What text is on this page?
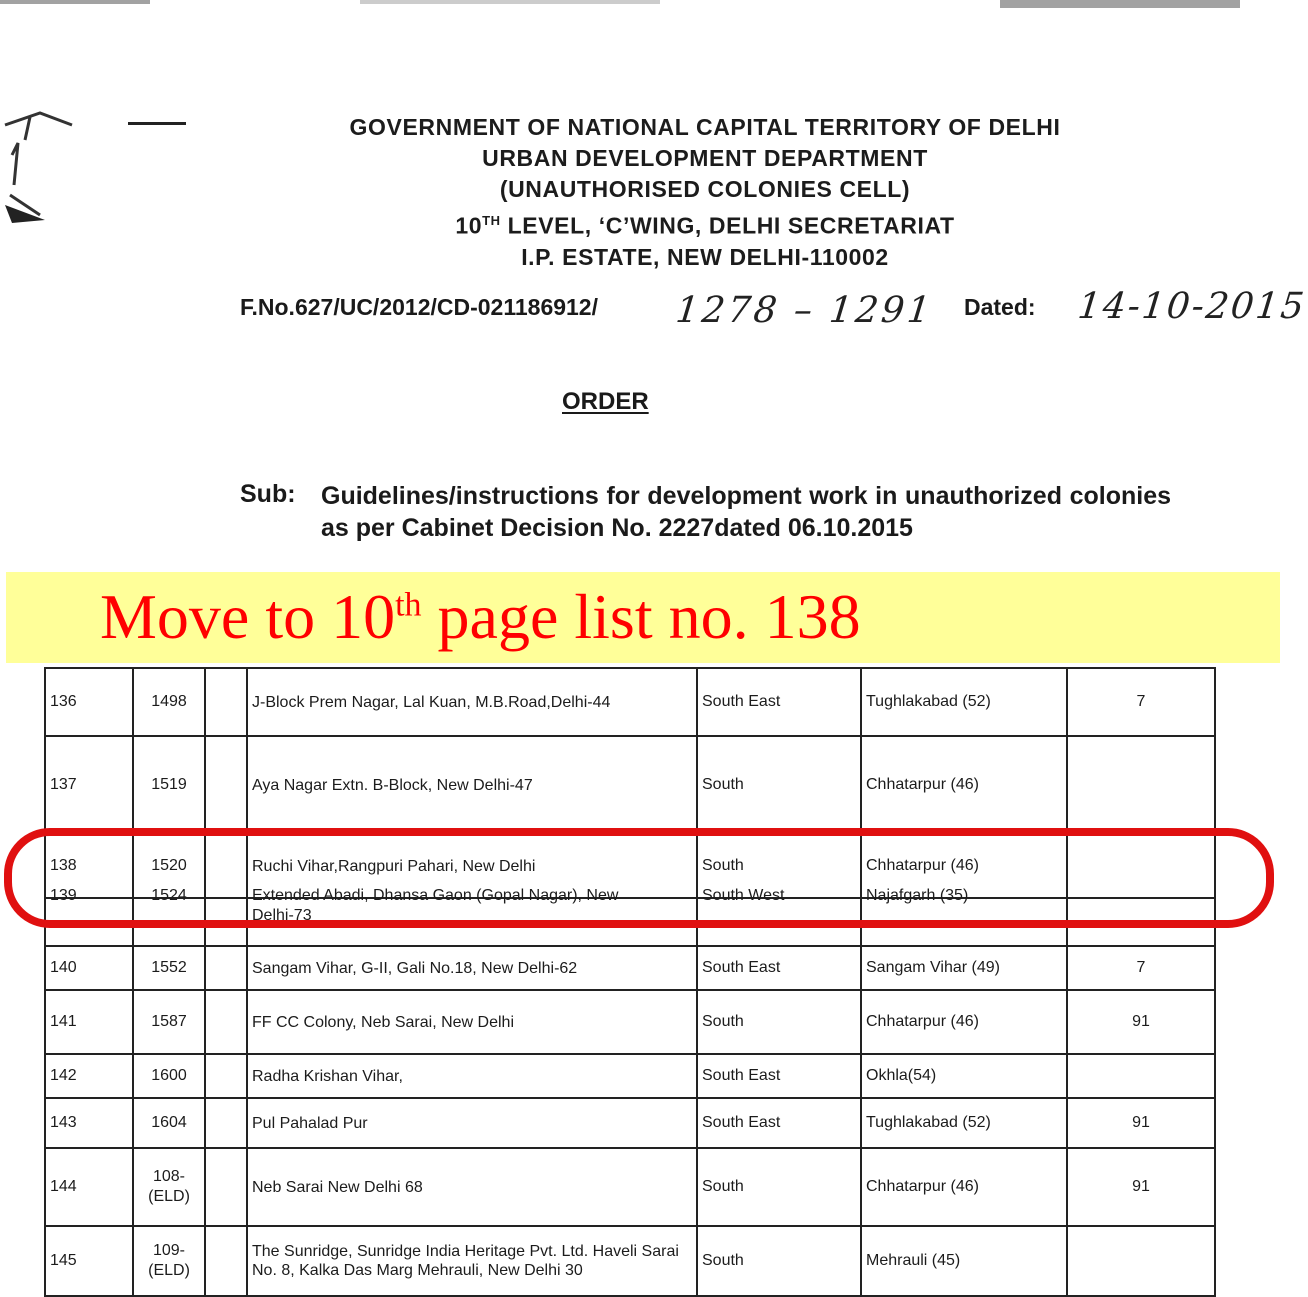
GOVERNMENT OF NATIONAL CAPITAL TERRITORY OF DELHI
URBAN DEVELOPMENT DEPARTMENT
(UNAUTHORISED COLONIES CELL)
10TH LEVEL, ‘C’WING, DELHI SECRETARIAT
I.P. ESTATE, NEW DELHI-110002
F.No.627/UC/2012/CD-021186912/ 1278 – 1291 Dated: 14-10-2015
ORDER
Sub: Guidelines/instructions for development work in unauthorized colonies as per Cabinet Decision No. 2227dated 06.10.2015
Move to 10th page list no. 138
136	1498		J-Block Prem Nagar, Lal Kuan, M.B.Road,Delhi-44	South East	Tughlakabad (52)	7
137	1519		Aya Nagar Extn. B-Block, New Delhi-47	South	Chhatarpur (46)	
138	1520		Ruchi Vihar,Rangpuri Pahari, New Delhi	South	Chhatarpur (46)	

139	1524		Extended Abadi, Dhansa Gaon (Gopal Nagar), New
Delhi-73	South West	Najafgarh (35)	

140	1552		Sangam Vihar, G-II, Gali No.18, New Delhi-62	South East	Sangam Vihar (49)	7
141	1587		FF CC Colony, Neb Sarai, New Delhi	South	Chhatarpur (46)	91
142	1600		Radha Krishan Vihar,	South East	Okhla(54)	
143	1604		Pul Pahalad Pur	South East	Tughlakabad (52)	91
144	108-
(ELD)		Neb Sarai New Delhi 68	South	Chhatarpur (46)	91
145	109-
(ELD)		The Sunridge, Sunridge India Heritage Pvt. Ltd. Haveli Sarai No. 8, Kalka Das Marg Mehrauli, New Delhi 30	South	Mehrauli (45)	
